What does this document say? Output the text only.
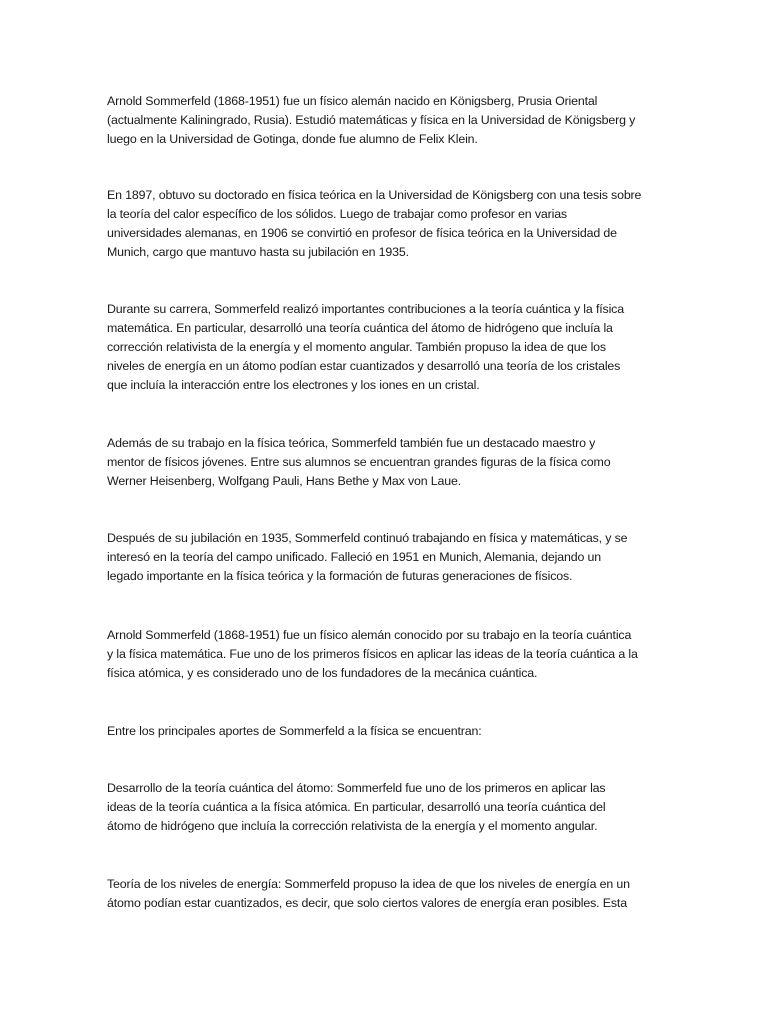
Arnold Sommerfeld (1868-1951) fue un físico alemán nacido en Königsberg, Prusia Oriental
(actualmente Kaliningrado, Rusia). Estudió matemáticas y física en la Universidad de Königsberg y
luego en la Universidad de Gotinga, donde fue alumno de Felix Klein.

En 1897, obtuvo su doctorado en física teórica en la Universidad de Königsberg con una tesis sobre
la teoría del calor específico de los sólidos. Luego de trabajar como profesor en varias
universidades alemanas, en 1906 se convirtió en profesor de física teórica en la Universidad de
Munich, cargo que mantuvo hasta su jubilación en 1935.

Durante su carrera, Sommerfeld realizó importantes contribuciones a la teoría cuántica y la física
matemática. En particular, desarrolló una teoría cuántica del átomo de hidrógeno que incluía la
corrección relativista de la energía y el momento angular. También propuso la idea de que los
niveles de energía en un átomo podían estar cuantizados y desarrolló una teoría de los cristales
que incluía la interacción entre los electrones y los iones en un cristal.

Además de su trabajo en la física teórica, Sommerfeld también fue un destacado maestro y
mentor de físicos jóvenes. Entre sus alumnos se encuentran grandes figuras de la física como
Werner Heisenberg, Wolfgang Pauli, Hans Bethe y Max von Laue.

Después de su jubilación en 1935, Sommerfeld continuó trabajando en física y matemáticas, y se
interesó en la teoría del campo unificado. Falleció en 1951 en Munich, Alemania, dejando un
legado importante en la física teórica y la formación de futuras generaciones de físicos.

Arnold Sommerfeld (1868-1951) fue un físico alemán conocido por su trabajo en la teoría cuántica
y la física matemática. Fue uno de los primeros físicos en aplicar las ideas de la teoría cuántica a la
física atómica, y es considerado uno de los fundadores de la mecánica cuántica.

Entre los principales aportes de Sommerfeld a la física se encuentran:

Desarrollo de la teoría cuántica del átomo: Sommerfeld fue uno de los primeros en aplicar las
ideas de la teoría cuántica a la física atómica. En particular, desarrolló una teoría cuántica del
átomo de hidrógeno que incluía la corrección relativista de la energía y el momento angular.

Teoría de los niveles de energía: Sommerfeld propuso la idea de que los niveles de energía en un
átomo podían estar cuantizados, es decir, que solo ciertos valores de energía eran posibles. Esta
